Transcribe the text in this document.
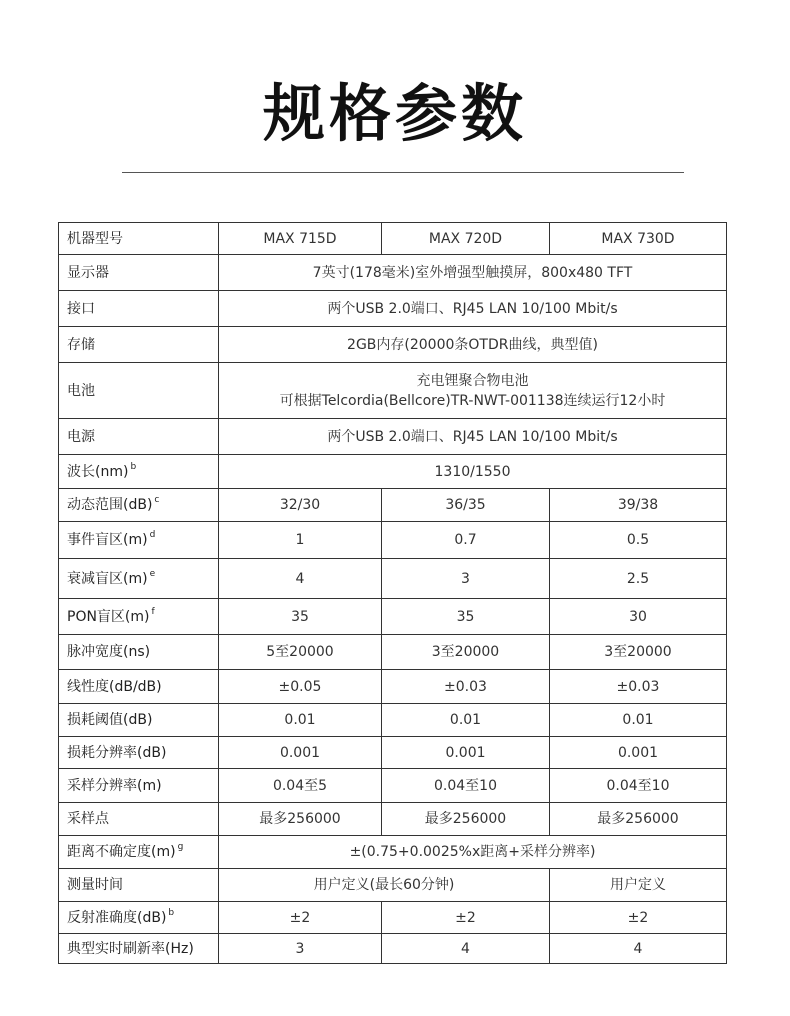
规格参数
机器型号	MAX 715D	MAX 720D	MAX 730D
显示器	7英寸(178毫米)室外增强型触摸屏，800x480 TFT		
接口	两个USB 2.0端口、RJ45 LAN 10/100 Mbit/s		
存储	2GB内存(20000条OTDR曲线，典型值)		
电池	充电锂聚合物电池
可根据Telcordia(Bellcore)TR-NWT-001138连续运行12小时		

电源	两个USB 2.0端口、RJ45 LAN 10/100 Mbit/s		
波长(nm) $^b$	1310/1550		
动态范围(dB) $^c$	32/30	36/35	39/38
事件盲区(m) $^d$	1	0.7	0.5
衰减盲区(m) $^e$	4	3	2.5
PON盲区(m) $^f$	35	35	30
脉冲宽度(ns)	5至20000	3至20000	3至20000
线性度(dB/dB)	±0.05	±0.03	±0.03
损耗阈值(dB)	0.01	0.01	0.01
损耗分辨率(dB)	0.001	0.001	0.001
采样分辨率(m)	0.04至5	0.04至10	0.04至10
采样点	最多256000	最多256000	最多256000
距离不确定度(m) $^g$	±(0.75+0.0025%x距离+采样分辨率)		
测量时间	用户定义(最长60分钟)		用户定义
反射准确度(dB) $^b$	±2	±2	±2
典型实时刷新率(Hz)	3	4	4
